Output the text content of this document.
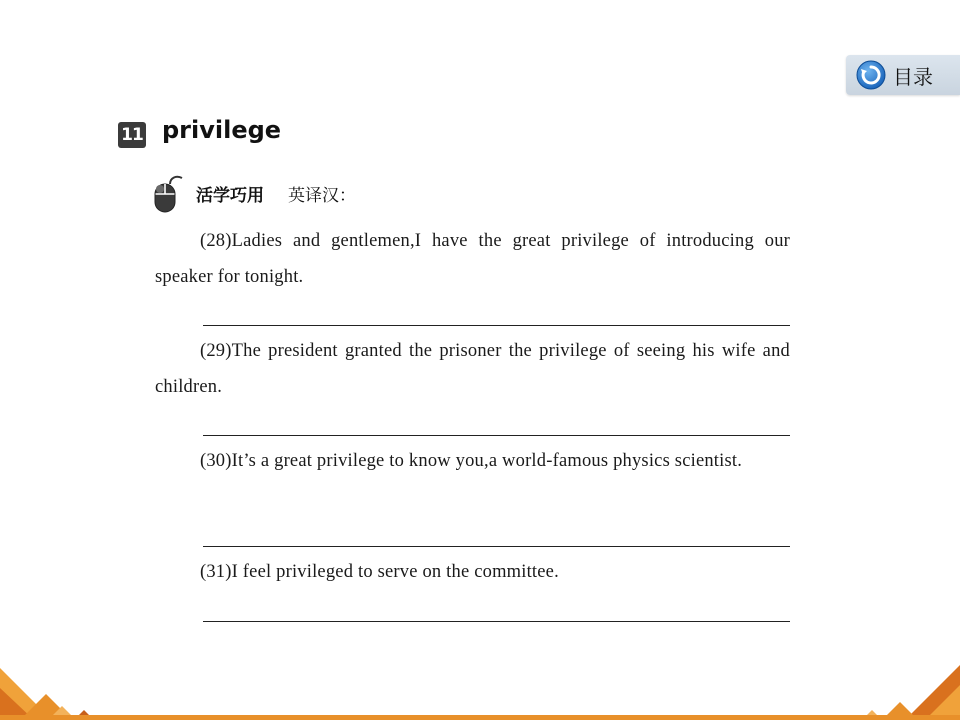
目录
11 privilege
活学巧用 英译汉：

(28)Ladies and gentlemen,I have the great privilege of introducing our speaker for tonight.

(29)The president granted the prisoner the privilege of seeing his wife and children.

(30)It’s a great privilege to know you,a world-famous physics scientist.

(31)I feel privileged to serve on the committee.
